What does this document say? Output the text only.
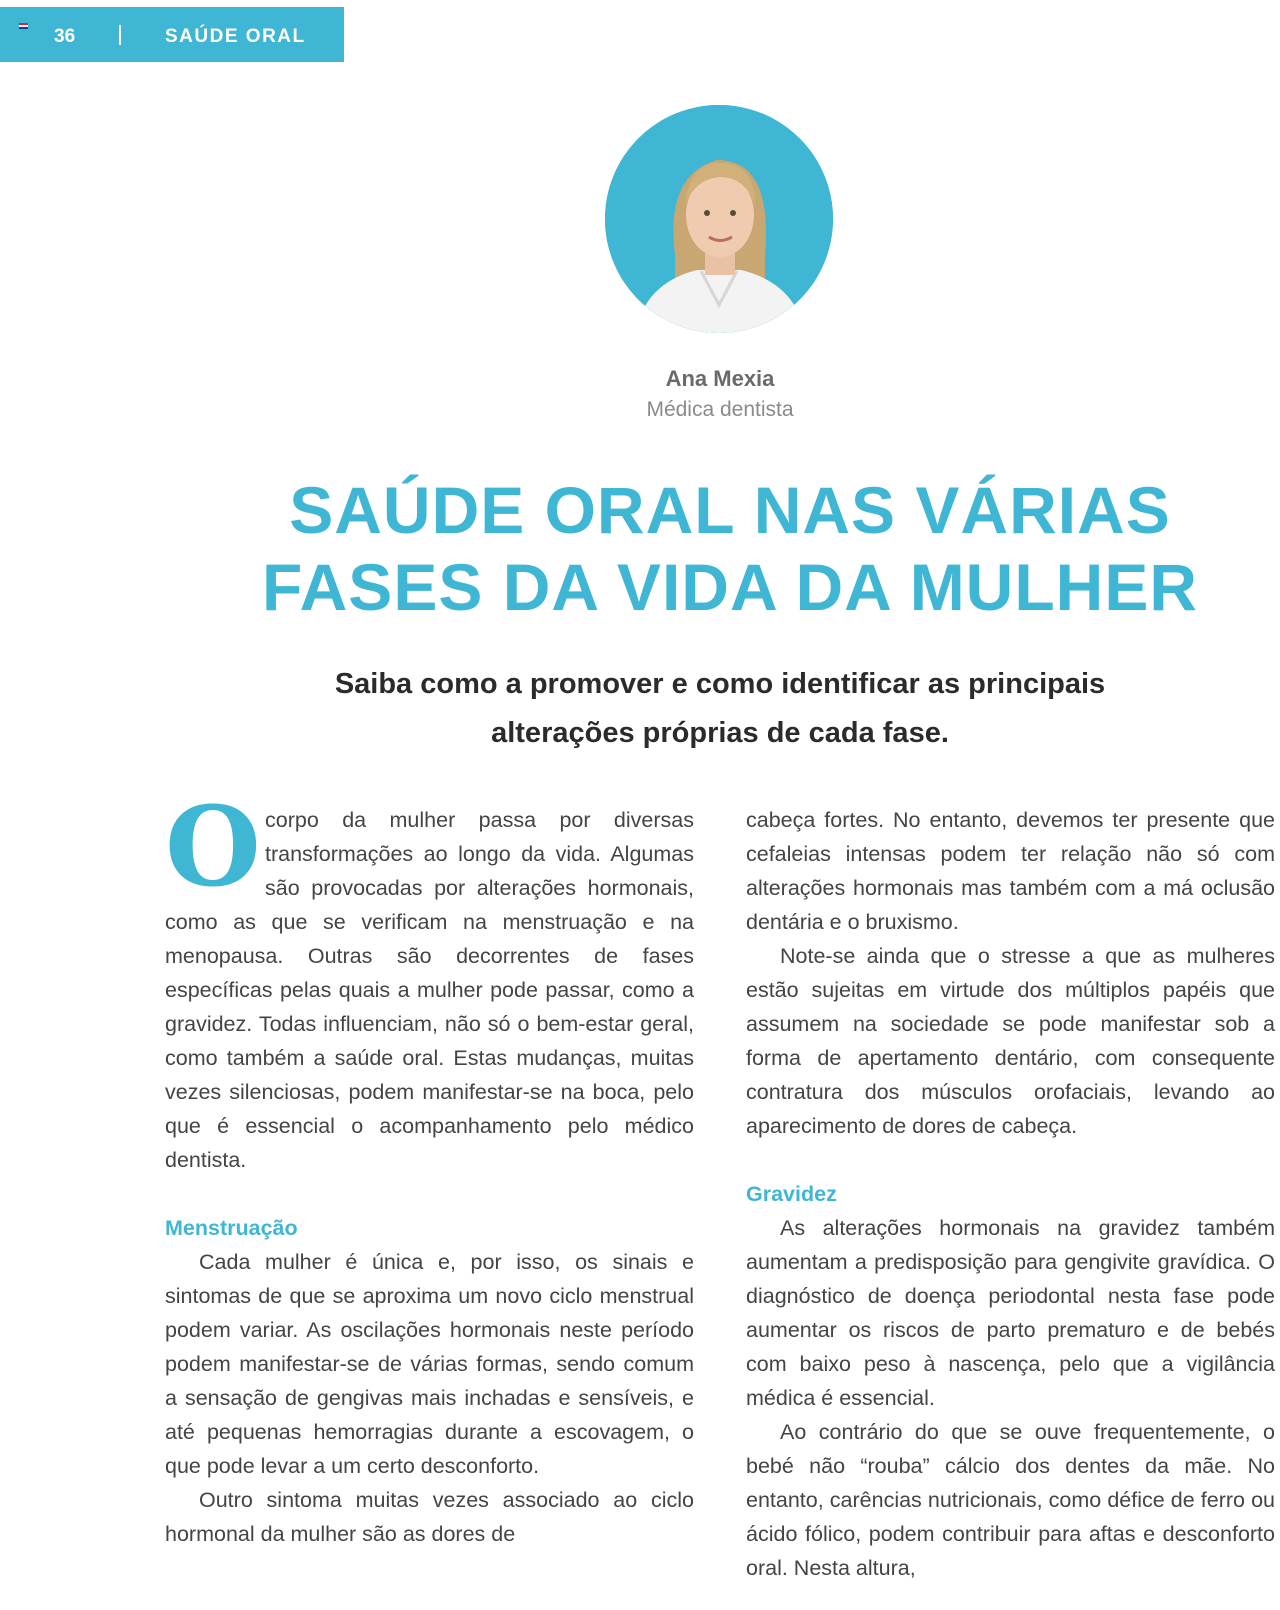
36	SAÚDE ORAL
Ana Mexia
Médica dentista
SAÚDE ORAL NAS VÁRIAS FASES DA VIDA DA MULHER

Saiba como a promover e como identificar as principais alterações próprias de cada fase.

Ocorpo da mulher passa por diversas transformações ao longo da vida. Algumas são provocadas por alterações hormonais, como as que se verificam na menstruação e na menopausa. Outras são decorrentes de fases específicas pelas quais a mulher pode passar, como a gravidez. Todas influenciam, não só o bem-estar geral, como também a saúde oral. Estas mudanças, muitas vezes silenciosas, podem manifestar-se na boca, pelo que é essencial o acompanhamento pelo médico dentista.

Menstruação

Cada mulher é única e, por isso, os sinais e sintomas de que se aproxima um novo ciclo menstrual podem variar. As oscilações hormonais neste período podem manifestar-se de várias formas, sendo comum a sensação de gengivas mais inchadas e sensíveis, e até pequenas hemorragias durante a escovagem, o que pode levar a um certo desconforto.

Outro sintoma muitas vezes associado ao ciclo hormonal da mulher são as dores de

cabeça fortes. No entanto, devemos ter presente que cefaleias intensas podem ter relação não só com alterações hormonais mas também com a má oclusão dentária e o bruxismo.

Note-se ainda que o stresse a que as mulheres estão sujeitas em virtude dos múltiplos papéis que assumem na sociedade se pode manifestar sob a forma de apertamento dentário, com consequente contratura dos músculos orofaciais, levando ao aparecimento de dores de cabeça.

Gravidez

As alterações hormonais na gravidez também aumentam a predisposição para gengivite gravídica. O diagnóstico de doença periodontal nesta fase pode aumentar os riscos de parto prematuro e de bebés com baixo peso à nascença, pelo que a vigilância médica é essencial.

Ao contrário do que se ouve frequentemente, o bebé não “rouba” cálcio dos dentes da mãe. No entanto, carências nutricionais, como défice de ferro ou ácido fólico, podem contribuir para aftas e desconforto oral. Nesta altura,
